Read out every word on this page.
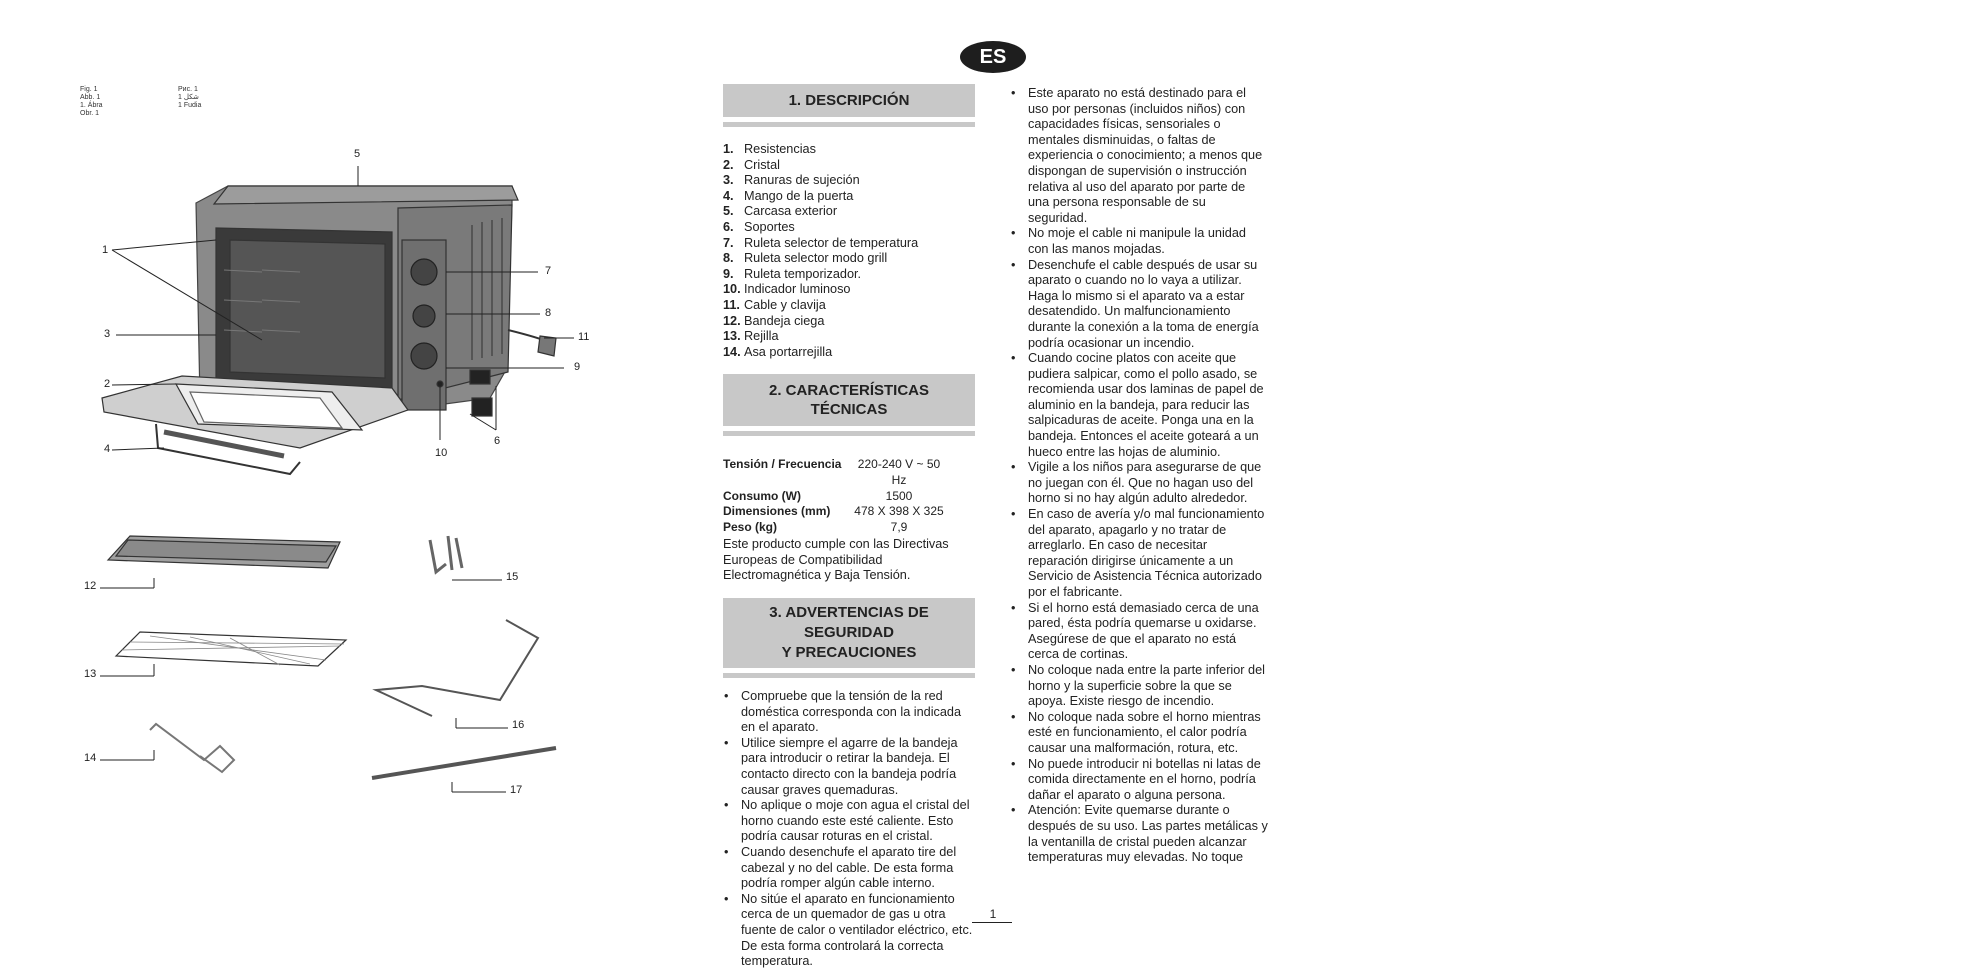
Fig. 1
Abb. 1
1. Ábra
Obr. 1
Рис. 1
1 شكل
1 Fudia
5
1
7
3
8
11
2
9
4	10
6
12
15
13
16
14
17
ES
1. DESCRIPCIÓN
1. Resistencias
2. Cristal
3. Ranuras de sujeción
4. Mango de la puerta
5. Carcasa exterior
6. Soportes
7. Ruleta selector de temperatura
8. Ruleta selector modo grill
9. Ruleta temporizador.
10. Indicador luminoso
11. Cable y clavija
12. Bandeja ciega
13. Rejilla
14. Asa portarrejilla
2. CARACTERÍSTICAS TÉCNICAS
Tensión / Frecuencia	220-240 V ~ 50 Hz
Consumo (W)	1500
Dimensiones (mm)	478 X 398 X 325
Peso (kg)	7,9

Este producto cumple con las Directivas Europeas de Compatibilidad Electromagnética y Baja Tensión.

3. ADVERTENCIAS DE SEGURIDAD
Y PRECAUCIONES
• Compruebe que la tensión de la red doméstica corresponda con la indicada en el aparato.
• Utilice siempre el agarre de la bandeja para introducir o retirar la bandeja. El contacto directo con la bandeja podría causar graves quemaduras.
• No aplique o moje con agua el cristal del horno cuando este esté caliente. Esto podría causar roturas en el cristal.
• Cuando desenchufe el aparato tire del cabezal y no del cable. De esta forma podría romper algún cable interno.
• No sitúe el aparato en funcionamiento cerca de un quemador de gas u otra fuente de calor o ventilador eléctrico, etc. De esta forma controlará la correcta temperatura.
• Este aparato no está destinado para el uso por personas (incluidos niños) con capacidades físicas, sensoriales o mentales disminuidas, o faltas de experiencia o conocimiento; a menos que dispongan de supervisión o instrucción relativa al uso del aparato por parte de una persona responsable de su seguridad.
• No moje el cable ni manipule la unidad con las manos mojadas.
• Desenchufe el cable después de usar su aparato o cuando no lo vaya a utilizar. Haga lo mismo si el aparato va a estar desatendido. Un malfuncionamiento durante la conexión a la toma de energía podría ocasionar un incendio.
• Cuando cocine platos con aceite que pudiera salpicar, como el pollo asado, se recomienda usar dos laminas de papel de aluminio en la bandeja, para reducir las salpicaduras de aceite. Ponga una en la bandeja. Entonces el aceite goteará a un hueco entre las hojas de aluminio.
• Vigile a los niños para asegurarse de que no juegan con él. Que no hagan uso del horno si no hay algún adulto alrededor.
• En caso de avería y/o mal funcionamiento del aparato, apagarlo y no tratar de arreglarlo. En caso de necesitar reparación dirigirse únicamente a un Servicio de Asistencia Técnica autorizado por el fabricante.
• Si el horno está demasiado cerca de una pared, ésta podría quemarse u oxidarse. Asegúrese de que el aparato no está cerca de cortinas.
• No coloque nada entre la parte inferior del horno y la superficie sobre la que se apoya. Existe riesgo de incendio.
• No coloque nada sobre el horno mientras esté en funcionamiento, el calor podría causar una malformación, rotura, etc.
• No puede introducir ni botellas ni latas de comida directamente en el horno, podría dañar el aparato o alguna persona.
• Atención: Evite quemarse durante o después de su uso. Las partes metálicas y la ventanilla de cristal pueden alcanzar temperaturas muy elevadas. No toque
1
